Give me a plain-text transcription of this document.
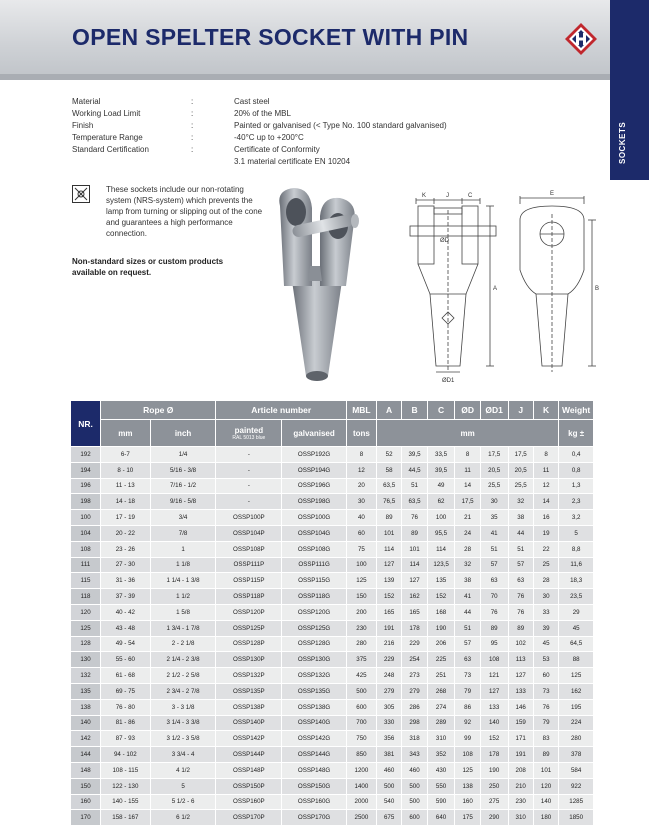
OPEN SPELTER SOCKET WITH PIN
SOCKETS
Material	:	Cast steel
Working Load Limit	:	20% of the MBL
Finish	:	Painted or galvanised (< Type No. 100 standard galvanised)
Temperature Range	:	-40°C up to +200°C
Standard Certification	:	Certificate of Conformity
3.1 material certificate EN 10204
These sockets include our non-rotating system (NRS-system) which prevents the lamp from turning or slipping out of the cone and guarantees a high performance connection.
Non-standard sizes or custom products available on request.
K	J	C	E
ØD
ØD1
A	B
NR.	Rope Ø		Article number		MBL	A	B	C	ØD	ØD1	J	K	Weight
	mm	inch	painted
RAL 5013 blue	galvanised	tons	mm							kg ±
192	6-7	1/4	-	OSSP192G	8	52	39,5	33,5	8	17,5	17,5	8	0,4
194	8 - 10	5/16 - 3/8	-	OSSP194G	12	58	44,5	39,5	11	20,5	20,5	11	0,8
196	11 - 13	7/16 - 1/2	-	OSSP196G	20	63,5	51	49	14	25,5	25,5	12	1,3
198	14 - 18	9/16 - 5/8	-	OSSP198G	30	76,5	63,5	62	17,5	30	32	14	2,3
100	17 - 19	3/4	OSSP100P	OSSP100G	40	89	76	100	21	35	38	16	3,2
104	20 - 22	7/8	OSSP104P	OSSP104G	60	101	89	95,5	24	41	44	19	5
108	23 - 26	1	OSSP108P	OSSP108G	75	114	101	114	28	51	51	22	8,8
111	27 - 30	1 1/8	OSSP111P	OSSP111G	100	127	114	123,5	32	57	57	25	11,6
115	31 - 36	1 1/4 - 1 3/8	OSSP115P	OSSP115G	125	139	127	135	38	63	63	28	18,3
118	37 - 39	1 1/2	OSSP118P	OSSP118G	150	152	162	152	41	70	76	30	23,5
120	40 - 42	1 5/8	OSSP120P	OSSP120G	200	165	165	168	44	76	76	33	29
125	43 - 48	1 3/4 - 1 7/8	OSSP125P	OSSP125G	230	191	178	190	51	89	89	39	45
128	49 - 54	2 - 2 1/8	OSSP128P	OSSP128G	280	216	229	206	57	95	102	45	64,5
130	55 - 60	2 1/4 - 2 3/8	OSSP130P	OSSP130G	375	229	254	225	63	108	113	53	88
132	61 - 68	2 1/2 - 2 5/8	OSSP132P	OSSP132G	425	248	273	251	73	121	127	60	125
135	69 - 75	2 3/4 - 2 7/8	OSSP135P	OSSP135G	500	279	279	268	79	127	133	73	162
138	76 - 80	3 - 3 1/8	OSSP138P	OSSP138G	600	305	286	274	86	133	146	76	195
140	81 - 86	3 1/4 - 3 3/8	OSSP140P	OSSP140G	700	330	298	289	92	140	159	79	224
142	87 - 93	3 1/2 - 3 5/8	OSSP142P	OSSP142G	750	356	318	310	99	152	171	83	280
144	94 - 102	3 3/4 - 4	OSSP144P	OSSP144G	850	381	343	352	108	178	191	89	378
148	108 - 115	4 1/2	OSSP148P	OSSP148G	1200	460	460	430	125	190	208	101	584
150	122 - 130	5	OSSP150P	OSSP150G	1400	500	500	550	138	250	210	120	922
160	140 - 155	5 1/2 - 6	OSSP160P	OSSP160G	2000	540	500	590	160	275	230	140	1285
170	158 - 167	6 1/2	OSSP170P	OSSP170G	2500	675	600	640	175	290	310	180	1850
